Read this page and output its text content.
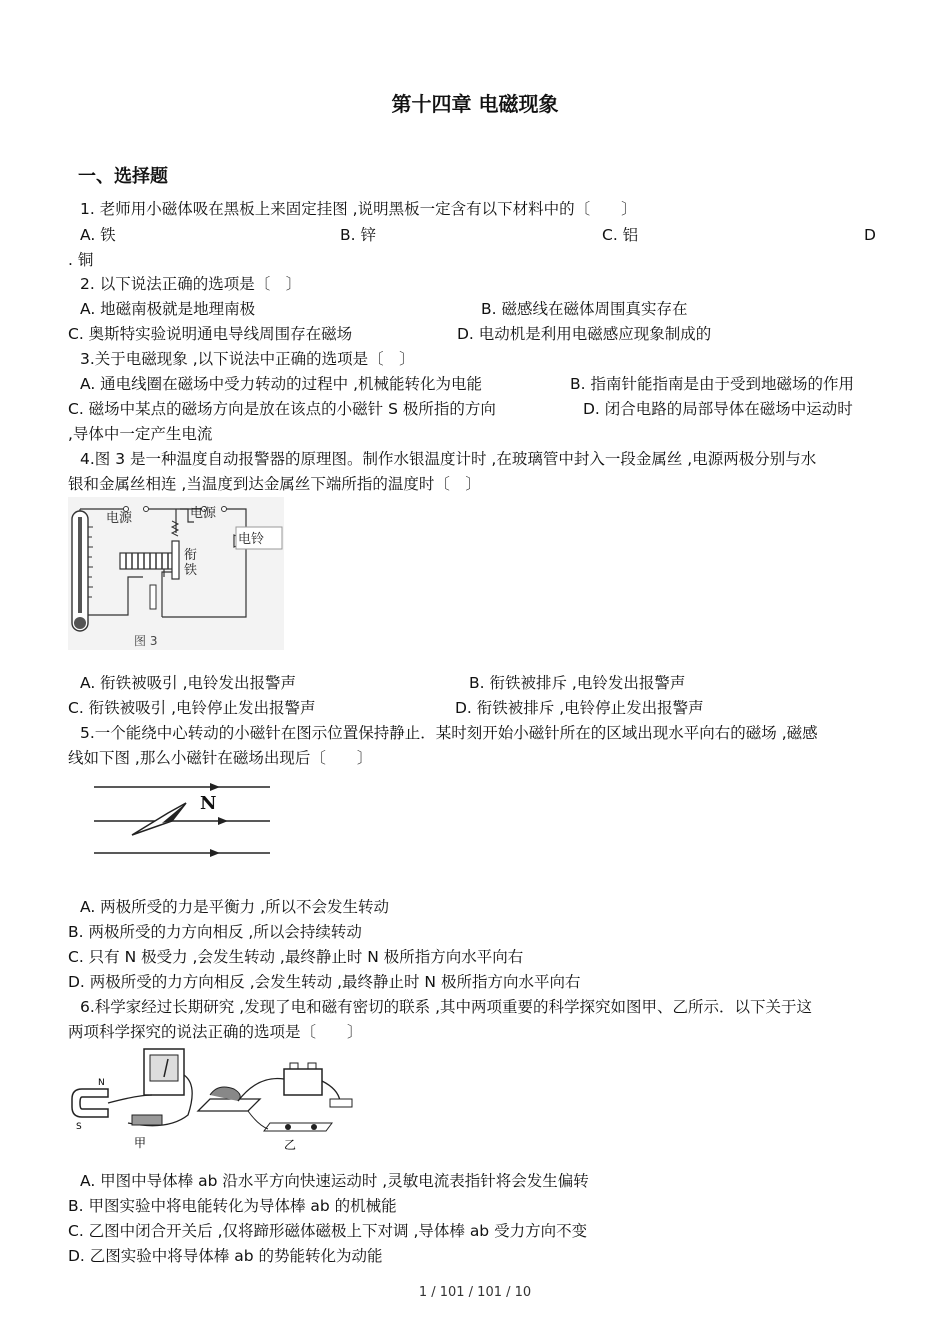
第十四章 电磁现象
一、选择题
1. 老师用小磁体吸在黑板上来固定挂图 ,说明黑板一定含有以下材料中的〔　　〕
A. 铁	B. 锌	C. 铝	D
. 铜
2. 以下说法正确的选项是〔　〕
A. 地磁南极就是地理南极	B. 磁感线在磁体周围真实存在
C. 奥斯特实验说明通电导线周围存在磁场	D. 电动机是利用电磁感应现象制成的
3.关于电磁现象 ,以下说法中正确的选项是〔　〕
A. 通电线圈在磁场中受力转动的过程中 ,机械能转化为电能	B. 指南针能指南是由于受到地磁场的作用
C. 磁场中某点的磁场方向是放在该点的小磁针 S 极所指的方向	D. 闭合电路的局部导体在磁场中运动时
,导体中一定产生电流
4.图 3 是一种温度自动报警器的原理图。制作水银温度计时 ,在玻璃管中封入一段金属丝 ,电源两极分别与水
银和金属丝相连 ,当温度到达金属丝下端所指的温度时〔　〕
电源	电源
衔
铁
电铃
图 3
A. 衔铁被吸引 ,电铃发出报警声	B. 衔铁被排斥 ,电铃发出报警声
C. 衔铁被吸引 ,电铃停止发出报警声	D. 衔铁被排斥 ,电铃停止发出报警声
5.一个能绕中心转动的小磁针在图示位置保持静止．某时刻开始小磁针所在的区域出现水平向右的磁场 ,磁感
线如下图 ,那么小磁针在磁场出现后〔　　〕
N
A. 两极所受的力是平衡力 ,所以不会发生转动
B. 两极所受的力方向相反 ,所以会持续转动
C. 只有 N 极受力 ,会发生转动 ,最终静止时 N 极所指方向水平向右
D. 两极所受的力方向相反 ,会发生转动 ,最终静止时 N 极所指方向水平向右
6.科学家经过长期研究 ,发现了电和磁有密切的联系 ,其中两项重要的科学探究如图甲、乙所示．以下关于这
两项科学探究的说法正确的选项是〔　　〕
N
S
甲	乙
A. 甲图中导体棒 ab 沿水平方向快速运动时 ,灵敏电流表指针将会发生偏转
B. 甲图实验中将电能转化为导体棒 ab 的机械能
C. 乙图中闭合开关后 ,仅将蹄形磁体磁极上下对调 ,导体棒 ab 受力方向不变
D. 乙图实验中将导体棒 ab 的势能转化为动能
1 / 101 / 101 / 10
